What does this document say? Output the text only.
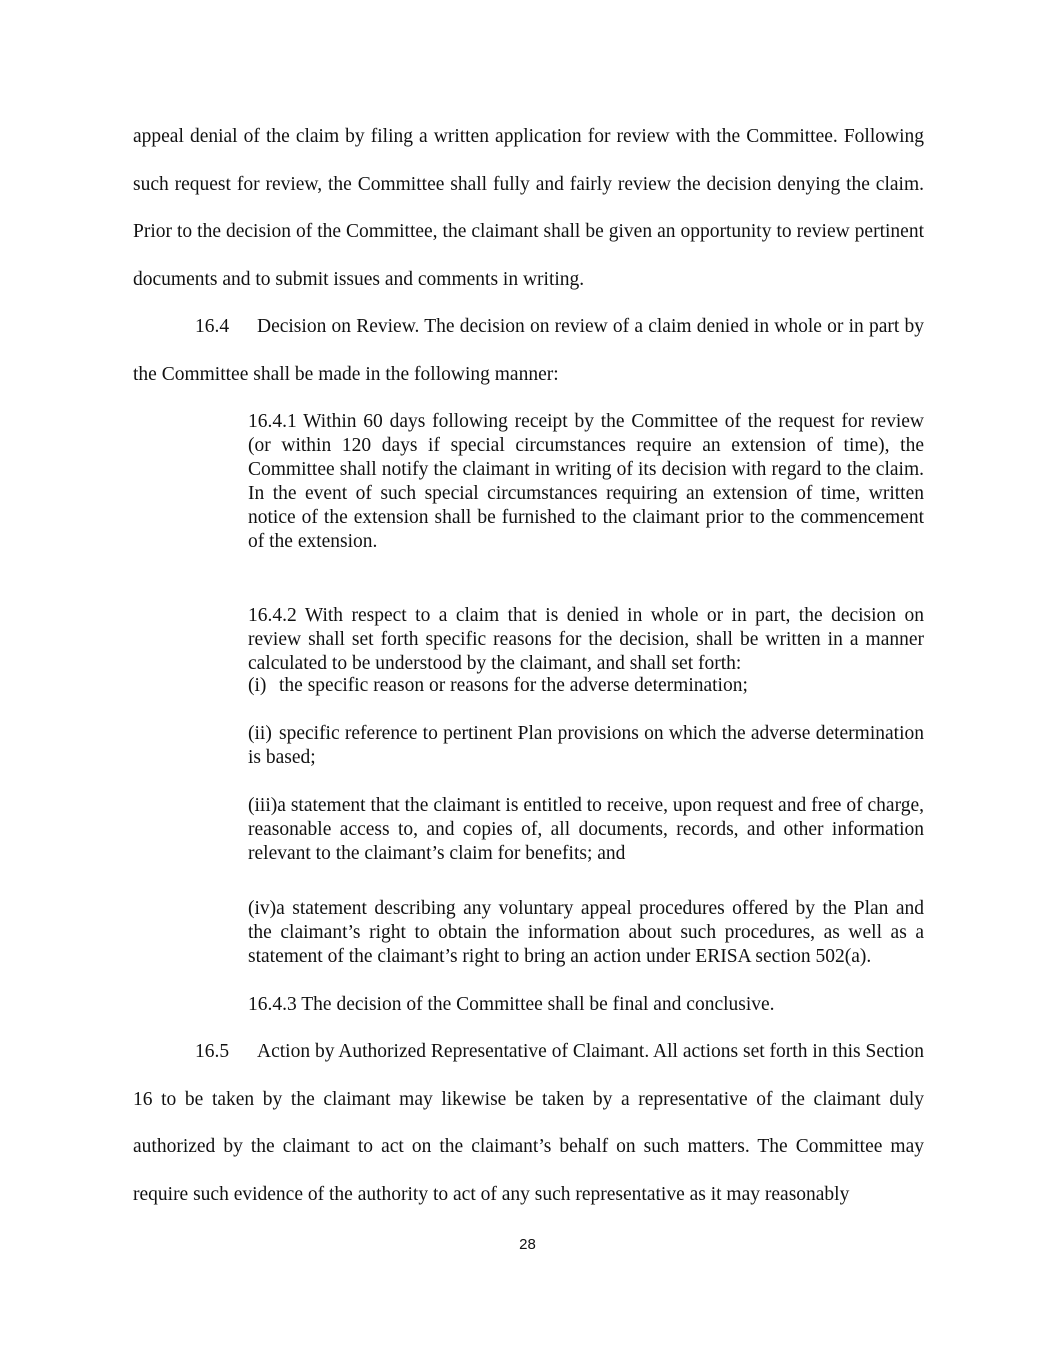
appeal denial of the claim by filing a written application for review with the Committee. Following such request for review, the Committee shall fully and fairly review the decision denying the claim. Prior to the decision of the Committee, the claimant shall be given an opportunity to review pertinent documents and to submit issues and comments in writing.

16.4 Decision on Review. The decision on review of a claim denied in whole or in part by the Committee shall be made in the following manner:

16.4.1 Within 60 days following receipt by the Committee of the request for review (or within 120 days if special circumstances require an extension of time), the Committee shall notify the claimant in writing of its decision with regard to the claim. In the event of such special circumstances requiring an extension of time, written notice of the extension shall be furnished to the claimant prior to the commencement of the extension.

16.4.2 With respect to a claim that is denied in whole or in part, the decision on review shall set forth specific reasons for the decision, shall be written in a manner calculated to be understood by the claimant, and shall set forth:

(i) the specific reason or reasons for the adverse determination;

(ii) specific reference to pertinent Plan provisions on which the adverse determination is based;

(iii)a statement that the claimant is entitled to receive, upon request and free of charge, reasonable access to, and copies of, all documents, records, and other information relevant to the claimant’s claim for benefits; and

(iv)a statement describing any voluntary appeal procedures offered by the Plan and the claimant’s right to obtain the information about such procedures, as well as a statement of the claimant’s right to bring an action under ERISA section 502(a).

16.4.3 The decision of the Committee shall be final and conclusive.

16.5 Action by Authorized Representative of Claimant. All actions set forth in this Section 16 to be taken by the claimant may likewise be taken by a representative of the claimant duly authorized by the claimant to act on the claimant’s behalf on such matters. The Committee may require such evidence of the authority to act of any such representative as it may reasonably

28
